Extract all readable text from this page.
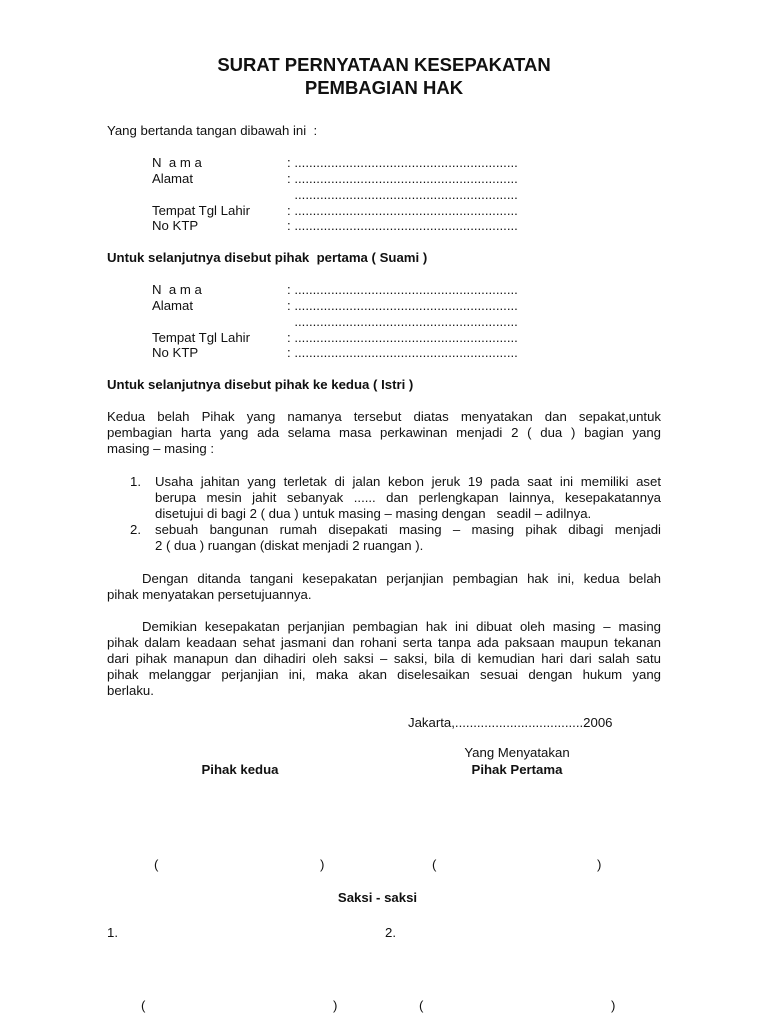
SURAT PERNYATAAN KESEPAKATAN
PEMBAGIAN HAK
Yang bertanda tangan dibawah ini  :
N  a m a	: .............................................................
Alamat	: .............................................................
.............................................................
Tempat Tgl Lahir	: .............................................................
No KTP	: .............................................................
Untuk selanjutnya disebut pihak  pertama ( Suami )
N  a m a	: .............................................................
Alamat	: .............................................................
.............................................................
Tempat Tgl Lahir	: .............................................................
No KTP	: .............................................................
Untuk selanjutnya disebut pihak ke kedua ( Istri )
Kedua belah Pihak yang namanya tersebut diatas menyatakan dan sepakat,untuk
pembagian harta yang ada selama masa perkawinan menjadi 2 ( dua ) bagian yang
masing – masing :
1. Usaha jahitan yang terletak di jalan kebon jeruk 19 pada saat ini memiliki aset
berupa mesin jahit sebanyak ...... dan perlengkapan lainnya, kesepakatannya
disetujui di bagi 2 ( dua ) untuk masing – masing dengan   seadil – adilnya.
2. sebuah bangunan rumah disepakati masing – masing pihak dibagi menjadi
2 ( dua ) ruangan (diskat menjadi 2 ruangan ).
Dengan ditanda tangani kesepakatan perjanjian pembagian hak ini, kedua belah
pihak menyatakan persetujuannya.
Demikian kesepakatan perjanjian pembagian hak ini dibuat oleh masing – masing
pihak dalam keadaan sehat jasmani dan rohani serta tanpa ada paksaan maupun tekanan
dari pihak manapun dan dihadiri oleh saksi – saksi, bila di kemudian hari dari salah satu
pihak melanggar perjanjian ini, maka akan diselesaikan sesuai dengan hukum yang
berlaku.
Jakarta,...................................2006
Yang Menyatakan
Pihak kedua	Pihak Pertama
(	)	(	)
Saksi - saksi
1.	2.
(	)	(	)
